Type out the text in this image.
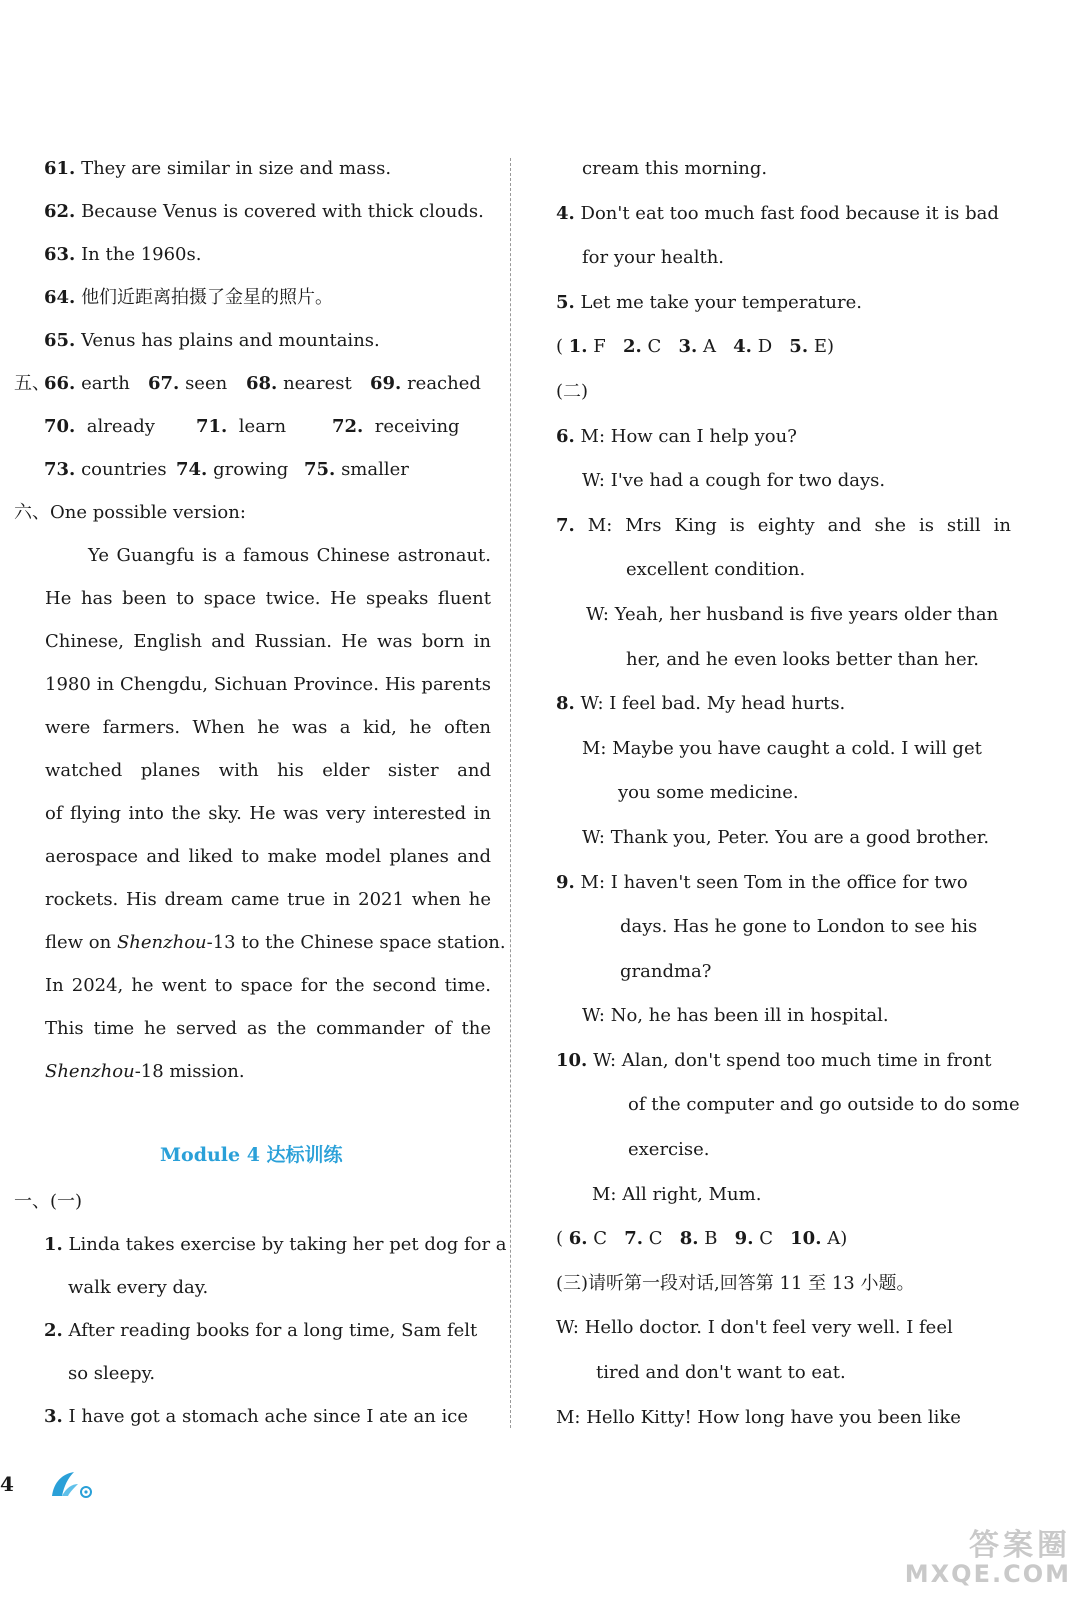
61. They are similar in size and mass.
62. Because Venus is covered with thick clouds.
63. In the 1960s.
64. 他们近距离拍摄了金星的照片。
65. Venus has plains and mountains.
五、66. earth 67. seen 68. nearest 69. reached
70. already 71. learn	72. receiving
73. countries 74. growing 75. smaller
六、One possible version:
Ye Guangfu is a famous Chinese astronaut.
He has been to space twice. He speaks fluent
Chinese, English and Russian. He was born in
1980 in Chengdu, Sichuan Province. His parents
were farmers. When he was a kid, he often
watched planes with his elder sister and
of flying into the sky. He was very interested in
aerospace and liked to make model planes and
rockets. His dream came true in 2021 when he
flew on Shenzhou-13 to the Chinese space station.
In 2024, he went to space for the second time.
This time he served as the commander of the
Shenzhou-18 mission.
Module 4 达标训练
一、(一)
1. Linda takes exercise by taking her pet dog for a
walk every day.
2. After reading books for a long time, Sam felt
so sleepy.
3. I have got a stomach ache since I ate an ice
cream this morning.
4. Don't eat too much fast food because it is bad
for your health.
5. Let me take your temperature.
( 1. F 2. C 3. A 4. D 5. E)
(二)
6. M: How can I help you?
W: I've had a cough for two days.
7. M: Mrs King is eighty and she is still in
excellent condition.
W: Yeah, her husband is five years older than
her, and he even looks better than her.
8. W: I feel bad. My head hurts.
M: Maybe you have caught a cold. I will get
you some medicine.
W: Thank you, Peter. You are a good brother.
9. M: I haven't seen Tom in the office for two
days. Has he gone to London to see his
grandma?
W: No, he has been ill in hospital.
10. W: Alan, don't spend too much time in front
of the computer and go outside to do some
exercise.
M: All right, Mum.
( 6. C 7. C 8. B 9. C 10. A)
(三)请听第一段对话,回答第 11 至 13 小题。
W: Hello doctor. I don't feel very well. I feel
tired and don't want to eat.
M: Hello Kitty! How long have you been like
4
答案圈
MXQE.COM
